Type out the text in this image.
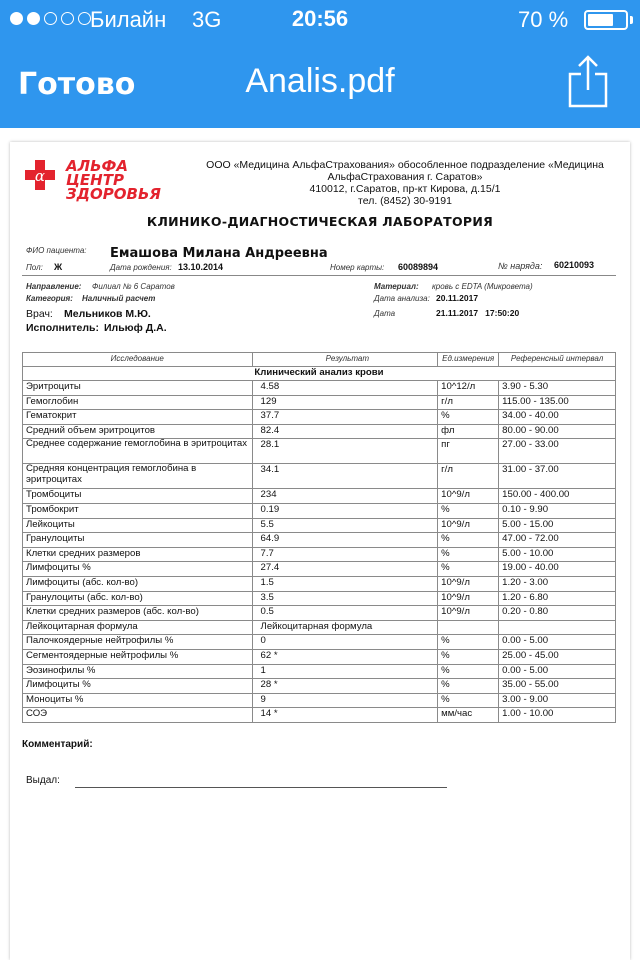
Билайн 3G	20:56	70 %
Готово	Analis.pdf
α
АЛЬФА
ЦЕНТР
ЗДОРОВЬЯ
ООО «Медицина АльфаСтрахования» обособленное подразделение «Медицина
АльфаСтрахования г. Саратов»
410012, г.Саратов, пр-кт Кирова, д.15/1
тел. (8452) 30-9191
КЛИНИКО-ДИАГНОСТИЧЕСКАЯ ЛАБОРАТОРИЯ
ФИО пациента: Емашова Милана Андреевна
Пол: Ж	Дата рождения: 13.10.2014	Номер карты: 60089894	№ наряда: 60210093
Направление: Филиал № 6 Саратов
Категория: Наличный расчет
Материал: кровь с EDTA (Микровета)
Дата анализа: 20.11.2017
Врач: Мельников М.Ю.	Дата	21.11.2017   17:50:20
Исполнитель: Ильюф Д.А.
Исследование	Результат	Ед.измерения	Референсный интервал
Клинический анализ крови			
Эритроциты	4.58	10^12/л	3.90 - 5.30
Гемоглобин	129	г/л	115.00 - 135.00
Гематокрит	37.7	%	34.00 - 40.00
Средний объем эритроцитов	82.4	фл	80.00 - 90.00
Среднее содержание гемоглобина в эритроцитах	28.1	пг	27.00 - 33.00
Средняя концентрация гемоглобина в эритроцитах	34.1	г/л	31.00 - 37.00
Тромбоциты	234	10^9/л	150.00 - 400.00
Тромбокрит	0.19	%	0.10 - 9.90
Лейкоциты	5.5	10^9/л	5.00 - 15.00
Гранулоциты	64.9	%	47.00 - 72.00
Клетки средних размеров	7.7	%	5.00 - 10.00
Лимфоциты %	27.4	%	19.00 - 40.00
Лимфоциты (абс. кол-во)	1.5	10^9/л	1.20 - 3.00
Гранулоциты (абс. кол-во)	3.5	10^9/л	1.20 - 6.80
Клетки средних размеров (абс. кол-во)	0.5	10^9/л	0.20 - 0.80
Лейкоцитарная формула	Лейкоцитарная формула		
Палочкоядерные нейтрофилы %	0	%	0.00 - 5.00
Сегментоядерные нейтрофилы %	62 *	%	25.00 - 45.00
Эозинофилы %	1	%	0.00 - 5.00
Лимфоциты %	28 *	%	35.00 - 55.00
Моноциты %	9	%	3.00 - 9.00
СОЭ	14 *	мм/час	1.00 - 10.00
Комментарий:
Выдал:
